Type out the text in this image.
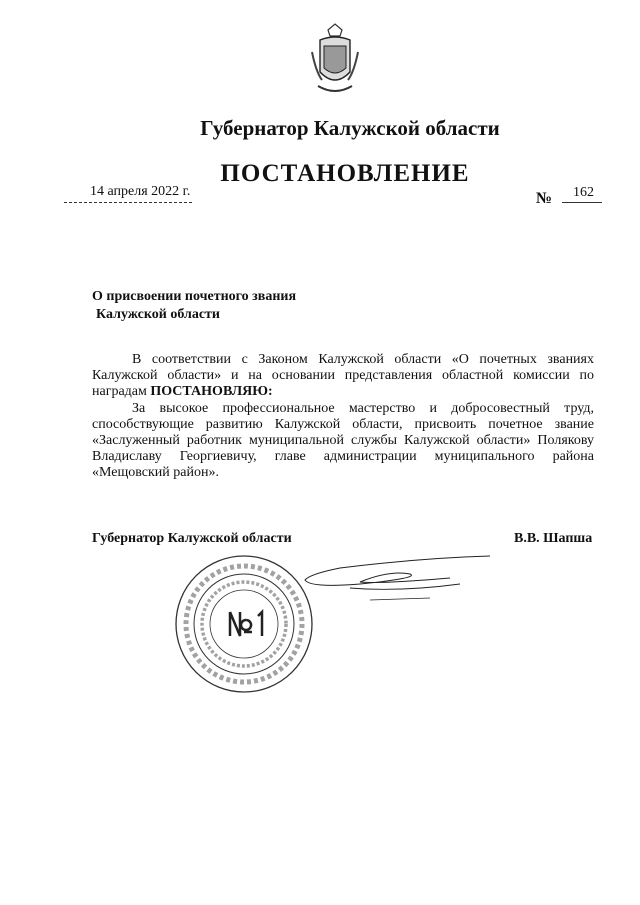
Губернатор Калужской области
ПОСТАНОВЛЕНИЕ
14 апреля 2022 г.	№ 162
О присвоении почетного звания
Калужской области

В соответствии с Законом Калужской области «О почетных званиях Калужской области» и на основании представления областной комиссии по наградам ПОСТАНОВЛЯЮ:

За высокое профессиональное мастерство и добросовестный труд, способствующие развитию Калужской области, присвоить почетное звание «Заслуженный работник муниципальной службы Калужской области» Полякову Владиславу Георгиевичу, главе администрации муниципального района «Мещовский район».

Губернатор Калужской области	В.В. Шапша
